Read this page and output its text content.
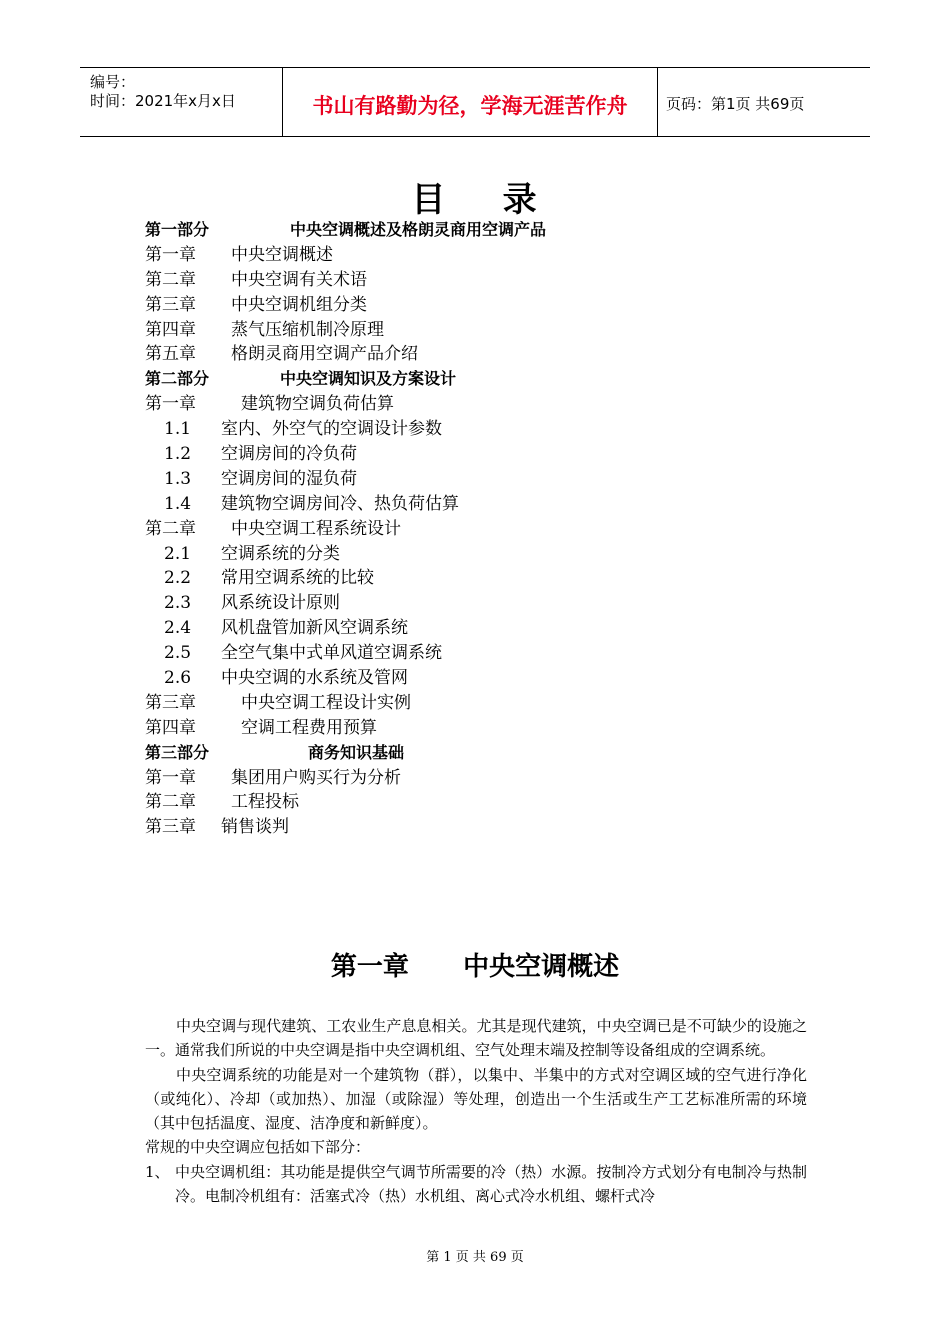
编号：
时间：2021年x月x日	书山有路勤为径，学海无涯苦作舟	页码：第1页 共69页
目    录
第一部分	中央空调概述及格朗灵商用空调产品
第一章 中央空调概述
第二章 中央空调有关术语
第三章 中央空调机组分类
第四章 蒸气压缩机制冷原理
第五章 格朗灵商用空调产品介绍
第二部分	中央空调知识及方案设计
第一章	建筑物空调负荷估算
1.1 室内、外空气的空调设计参数
1.2 空调房间的冷负荷
1.3 空调房间的湿负荷
1.4 建筑物空调房间冷、热负荷估算
第二章 中央空调工程系统设计
2.1 空调系统的分类
2.2 常用空调系统的比较
2.3 风系统设计原则
2.4 风机盘管加新风空调系统
2.5 全空气集中式单风道空调系统
2.6 中央空调的水系统及管网
第三章	中央空调工程设计实例
第四章	空调工程费用预算
第三部分	商务知识基础
第一章 集团用户购买行为分析
第二章 工程投标
第三章 销售谈判
第一章      中央空调概述

中央空调与现代建筑、工农业生产息息相关。尤其是现代建筑，中央空调已是不可缺少的设施之一。通常我们所说的中央空调是指中央空调机组、空气处理末端及控制等设备组成的空调系统。

中央空调系统的功能是对一个建筑物（群），以集中、半集中的方式对空调区域的空气进行净化（或纯化）、冷却（或加热）、加湿（或除湿）等处理，创造出一个生活或生产工艺标准所需的环境（其中包括温度、湿度、洁净度和新鲜度）。

常规的中央空调应包括如下部分：

1、 中央空调机组：其功能是提供空气调节所需要的冷（热）水源。按制冷方式划分有电制冷与热制冷。电制冷机组有：活塞式冷（热）水机组、离心式冷水机组、螺杆式冷
第 1 页 共 69 页
